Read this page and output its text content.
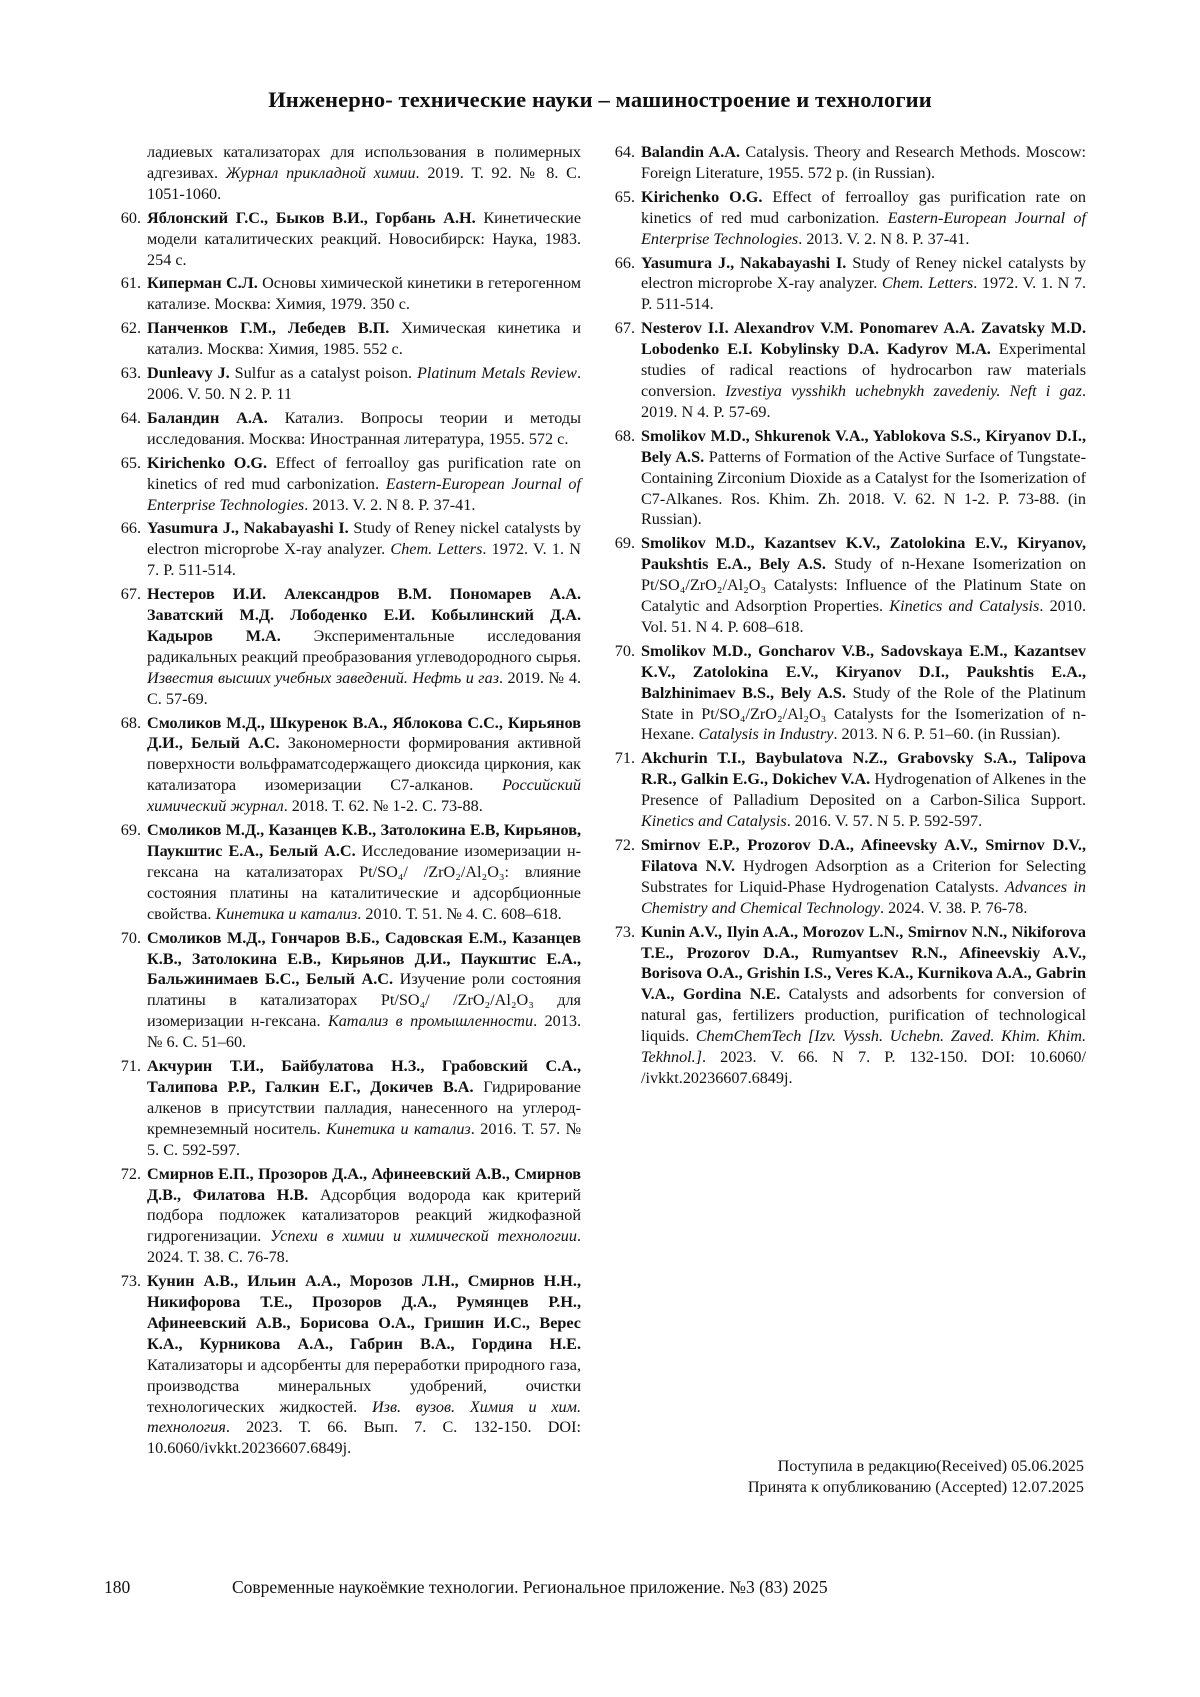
Инженерно- технические науки – машиностроение и технологии
ладиевых катализаторах для использования в полимерных адгезивах. Журнал прикладной химии. 2019. Т. 92. № 8. С. 1051-1060.
60. Яблонский Г.С., Быков В.И., Горбань А.Н. Кинетические модели каталитических реакций. Новосибирск: Наука, 1983. 254 с.
61. Киперман С.Л. Основы химической кинетики в гетерогенном катализе. Москва: Химия, 1979. 350 с.
62. Панченков Г.М., Лебедев В.П. Химическая кинетика и катализ. Москва: Химия, 1985. 552 с.
63. Dunleavy J. Sulfur as a catalyst poison. Platinum Metals Review. 2006. V. 50. N 2. P. 11
64. Баландин А.А. Катализ. Вопросы теории и методы исследования. Москва: Иностранная литература, 1955. 572 с.
65. Kirichenko O.G. Effect of ferroalloy gas purification rate on kinetics of red mud carbonization. Eastern-European Journal of Enterprise Technologies. 2013. V. 2. N 8. P. 37-41.
66. Yasumura J., Nakabayashi I. Study of Reney nickel catalysts by electron microprobe X-ray analyzer. Chem. Letters. 1972. V. 1. N 7. P. 511-514.
67. Нестеров И.И. Александров В.М. Пономарев А.А. Заватский М.Д. Лободенко Е.И. Кобылинский Д.А. Кадыров М.А. Экспериментальные исследования радикальных реакций преобразования углеводородного сырья. Известия высших учебных заведений. Нефть и газ. 2019. № 4. С. 57-69.
68. Смоликов М.Д., Шкуренок В.А., Яблокова С.С., Кирьянов Д.И., Белый А.С. Закономерности формирования активной поверхности вольфраматсодержащего диоксида циркония, как катализатора изомеризации С7-алканов. Российский химический журнал. 2018. Т. 62. № 1-2. С. 73-88.
69. Смоликов М.Д., Казанцев К.В., Затолокина Е.В, Кирьянов, Паукштис Е.А., Белый А.С. Исследование изомеризации н-гексана на катализаторах Pt/SO₄/ /ZrO₂/Al₂O₃: влияние состояния платины на каталитические и адсорбционные свойства. Кинетика и катализ. 2010. Т. 51. № 4. С. 608–618.
70. Смоликов М.Д., Гончаров В.Б., Садовская Е.М., Казанцев К.В., Затолокина Е.В., Кирьянов Д.И., Паукштис Е.А., Бальжинимаев Б.С., Белый А.С. Изучение роли состояния платины в катализаторах Pt/SO₄/ /ZrO₂/Al₂O₃ для изомеризации н-гексана. Катализ в промышленности. 2013. № 6. С. 51–60.
71. Акчурин Т.И., Байбулатова Н.З., Грабовский С.А., Талипова Р.Р., Галкин Е.Г., Докичев В.А. Гидрирование алкенов в присутствии палладия, нанесенного на углерод-кремнеземный носитель. Кинетика и катализ. 2016. Т. 57. № 5. С. 592-597.
72. Смирнов Е.П., Прозоров Д.А., Афинеевский А.В., Смирнов Д.В., Филатова Н.В. Адсорбция водорода как критерий подбора подложек катализаторов реакций жидкофазной гидрогенизации. Успехи в химии и химической технологии. 2024. Т. 38. С. 76-78.
73. Кунин А.В., Ильин А.А., Морозов Л.Н., Смирнов Н.Н., Никифорова Т.Е., Прозоров Д.А., Румянцев Р.Н., Афинеевский А.В., Борисова О.А., Гришин И.С., Верес К.А., Курникова А.А., Габрин В.А., Гордина Н.Е. Катализаторы и адсорбенты для переработки природного газа, производства минеральных удобрений, очистки технологических жидкостей. Изв. вузов. Химия и хим. технология. 2023. Т. 66. Вып. 7. С. 132-150. DOI: 10.6060/ivkkt.20236607.6849j.
64. Balandin A.A. Catalysis. Theory and Research Methods. Moscow: Foreign Literature, 1955. 572 p. (in Russian).
65. Kirichenko O.G. Effect of ferroalloy gas purification rate on kinetics of red mud carbonization. Eastern-European Journal of Enterprise Technologies. 2013. V. 2. N 8. P. 37-41.
66. Yasumura J., Nakabayashi I. Study of Reney nickel catalysts by electron microprobe X-ray analyzer. Chem. Letters. 1972. V. 1. N 7. P. 511-514.
67. Nesterov I.I. Alexandrov V.M. Ponomarev A.A. Zavatsky M.D. Lobodenko E.I. Kobylinsky D.A. Kadyrov M.A. Experimental studies of radical reactions of hydrocarbon raw materials conversion. Izvestiya vysshikh uchebnykh zavedeniy. Neft i gaz. 2019. N 4. P. 57-69.
68. Smolikov M.D., Shkurenok V.A., Yablokova S.S., Kiryanov D.I., Bely A.S. Patterns of Formation of the Active Surface of Tungstate-Containing Zirconium Dioxide as a Catalyst for the Isomerization of C7-Alkanes. Ros. Khim. Zh. 2018. V. 62. N 1-2. P. 73-88. (in Russian).
69. Smolikov M.D., Kazantsev K.V., Zatolokina E.V., Kiryanov, Paukshtis E.A., Bely A.S. Study of n-Hexane Isomerization on Pt/SO₄/ZrO₂/Al₂O₃ Catalysts: Influence of the Platinum State on Catalytic and Adsorption Properties. Kinetics and Catalysis. 2010. Vol. 51. N 4. P. 608–618.
70. Smolikov M.D., Goncharov V.B., Sadovskaya E.M., Kazantsev K.V., Zatolokina E.V., Kiryanov D.I., Paukshtis E.A., Balzhinimaev B.S., Bely A.S. Study of the Role of the Platinum State in Pt/SO₄/ZrO₂/Al₂O₃ Catalysts for the Isomerization of n-Hexane. Catalysis in Industry. 2013. N 6. P. 51–60. (in Russian).
71. Akchurin T.I., Baybulatova N.Z., Grabovsky S.A., Talipova R.R., Galkin E.G., Dokichev V.A. Hydrogenation of Alkenes in the Presence of Palladium Deposited on a Carbon-Silica Support. Kinetics and Catalysis. 2016. V. 57. N 5. P. 592-597.
72. Smirnov E.P., Prozorov D.A., Afineevsky A.V., Smirnov D.V., Filatova N.V. Hydrogen Adsorption as a Criterion for Selecting Substrates for Liquid-Phase Hydrogenation Catalysts. Advances in Chemistry and Chemical Technology. 2024. V. 38. P. 76-78.
73. Kunin A.V., Ilyin A.A., Morozov L.N., Smirnov N.N., Nikiforova T.E., Prozorov D.A., Rumyantsev R.N., Afineevskiy A.V., Borisova O.A., Grishin I.S., Veres K.A., Kurnikova A.A., Gabrin V.A., Gordina N.E. Catalysts and adsorbents for conversion of natural gas, fertilizers production, purification of technological liquids. ChemChemTech [Izv. Vyssh. Uchebn. Zaved. Khim. Khim. Tekhnol.]. 2023. V. 66. N 7. P. 132-150. DOI: 10.6060/ /ivkkt.20236607.6849j.
Поступила в редакцию(Received) 05.06.2025
Принята к опубликованию (Accepted) 12.07.2025
180	Современные наукоёмкие технологии. Региональное приложение. №3 (83) 2025
